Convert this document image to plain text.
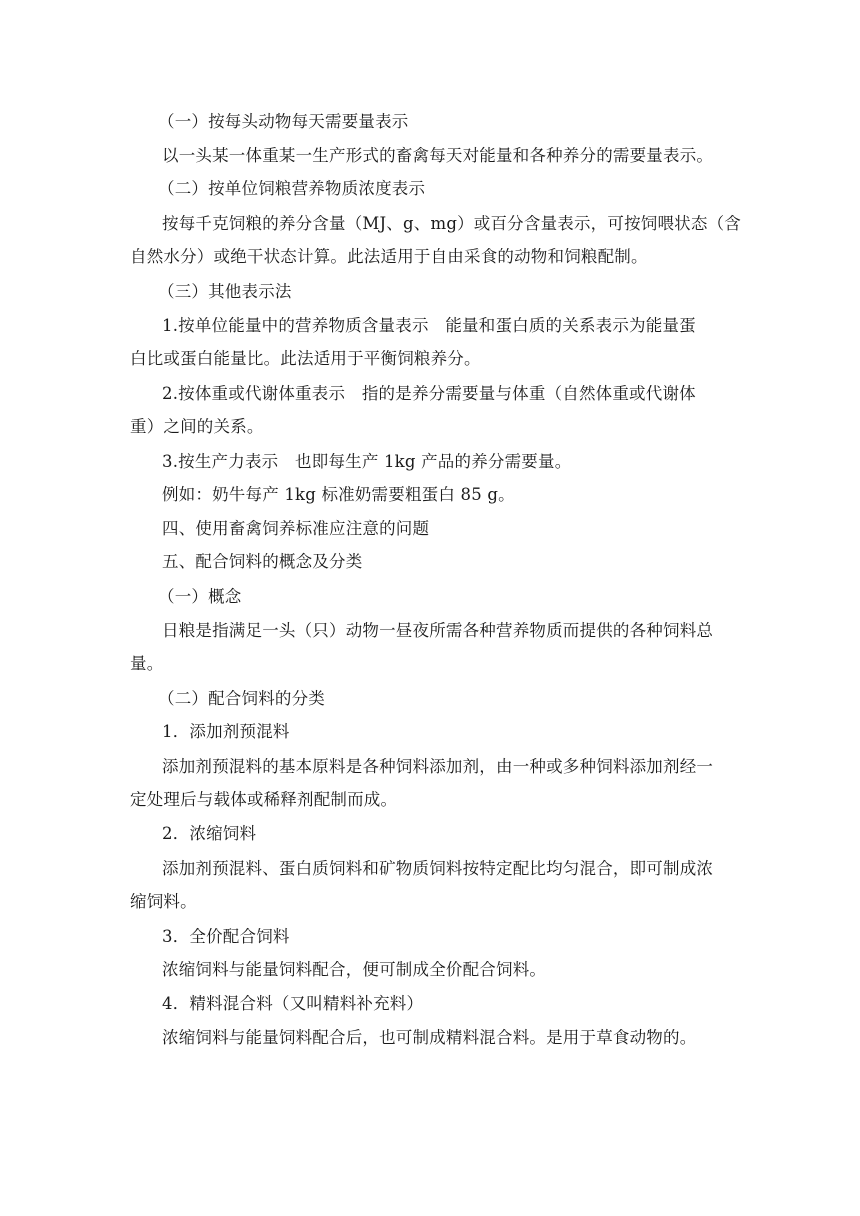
（一）按每头动物每天需要量表示
以一头某一体重某一生产形式的畜禽每天对能量和各种养分的需要量表示。
（二）按单位饲粮营养物质浓度表示
按每千克饲粮的养分含量（MJ、g、mg）或百分含量表示，可按饲喂状态（含
自然水分）或绝干状态计算。此法适用于自由采食的动物和饲粮配制。
（三）其他表示法
1.按单位能量中的营养物质含量表示　能量和蛋白质的关系表示为能量蛋
白比或蛋白能量比。此法适用于平衡饲粮养分。
2.按体重或代谢体重表示　指的是养分需要量与体重（自然体重或代谢体
重）之间的关系。
3.按生产力表示　也即每生产 1kg 产品的养分需要量。
例如：奶牛每产 1kg 标准奶需要粗蛋白 85 g。
四、使用畜禽饲养标准应注意的问题
五、配合饲料的概念及分类
（一）概念
日粮是指满足一头（只）动物一昼夜所需各种营养物质而提供的各种饲料总
量。
（二）配合饲料的分类
1．添加剂预混料
添加剂预混料的基本原料是各种饲料添加剂，由一种或多种饲料添加剂经一
定处理后与载体或稀释剂配制而成。
2．浓缩饲料
添加剂预混料、蛋白质饲料和矿物质饲料按特定配比均匀混合，即可制成浓
缩饲料。
3．全价配合饲料
浓缩饲料与能量饲料配合，便可制成全价配合饲料。
4．精料混合料（又叫精料补充料）
浓缩饲料与能量饲料配合后，也可制成精料混合料。是用于草食动物的。
